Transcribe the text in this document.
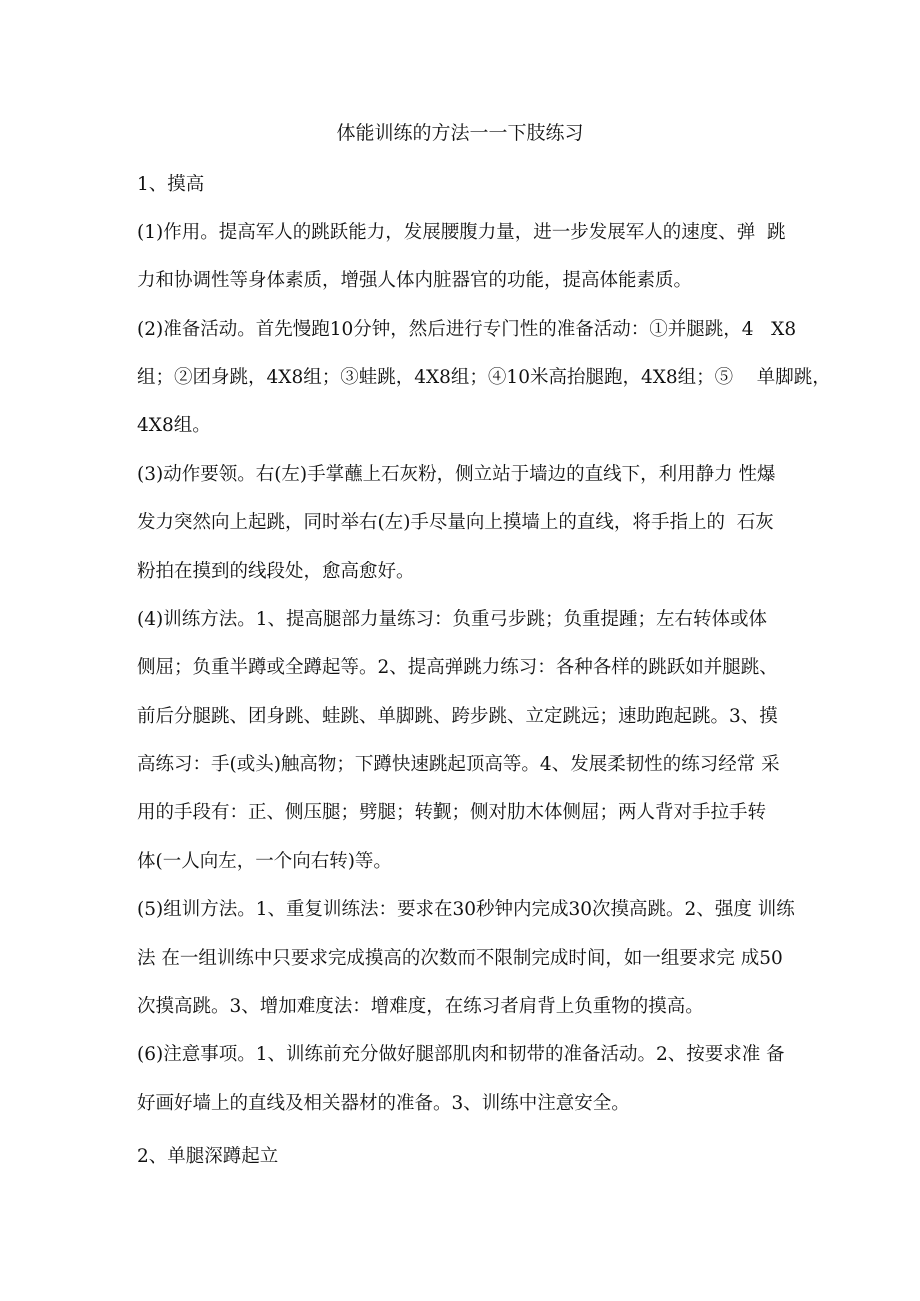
体能训练的方法一一下肢练习
1、摸高
(1)作用。提高军人的跳跃能力，发展腰腹力量，进一步发展军人的速度、弹  跳
力和协调性等身体素质，增强人体内脏器官的功能，提高体能素质。
(2)准备活动。首先慢跑10分钟，然后进行专门性的准备活动：①并腿跳，4   X8
组；②团身跳，4X8组；③蛙跳，4X8组；④10米高抬腿跑，4X8组；⑤    单脚跳，
4X8组。
(3)动作要领。右(左)手掌蘸上石灰粉，侧立站于墙边的直线下，利用静力 性爆
发力突然向上起跳，同时举右(左)手尽量向上摸墙上的直线，将手指上的  石灰
粉拍在摸到的线段处，愈高愈好。
(4)训练方法。1、提高腿部力量练习：负重弓步跳；负重提踵；左右转体或体
侧屈；负重半蹲或全蹲起等。2、提高弹跳力练习：各种各样的跳跃如并腿跳、
前后分腿跳、团身跳、蛙跳、单脚跳、跨步跳、立定跳远；速助跑起跳。3、摸
高练习：手(或头)触高物；下蹲快速跳起顶高等。4、发展柔韧性的练习经常 采
用的手段有：正、侧压腿；劈腿；转觐；侧对肋木体侧屈；两人背对手拉手转
体(一人向左，一个向右转)等。
(5)组训方法。1、重复训练法：要求在30秒钟内完成30次摸高跳。2、强度 训练
法 在一组训练中只要求完成摸高的次数而不限制完成时间，如一组要求完 成50
次摸高跳。3、增加难度法：增难度，在练习者肩背上负重物的摸高。
(6)注意事项。1、训练前充分做好腿部肌肉和韧带的准备活动。2、按要求准 备
好画好墙上的直线及相关器材的准备。3、训练中注意安全。
2、单腿深蹲起立
